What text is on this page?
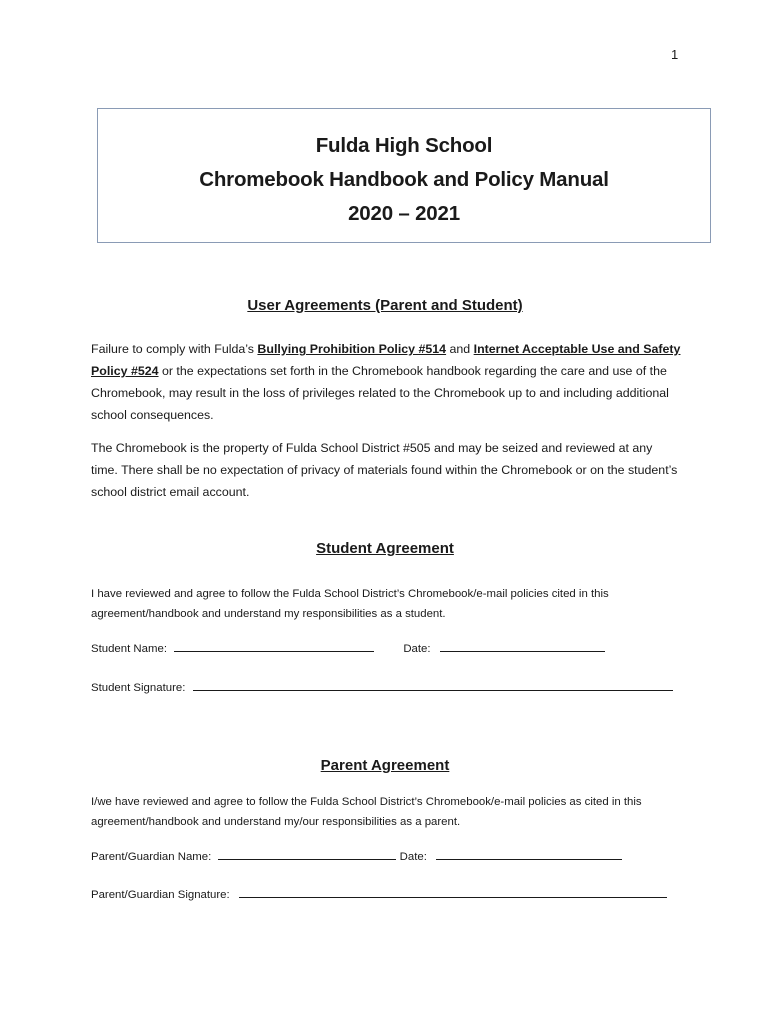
1
Fulda High School
Chromebook Handbook and Policy Manual
2020 – 2021
User Agreements (Parent and Student)

Failure to comply with Fulda’s Bullying Prohibition Policy #514 and Internet Acceptable Use and Safety Policy #524 or the expectations set forth in the Chromebook handbook regarding the care and use of the Chromebook, may result in the loss of privileges related to the Chromebook up to and including additional school consequences.

The Chromebook is the property of Fulda School District #505 and may be seized and reviewed at any time. There shall be no expectation of privacy of materials found within the Chromebook or on the student’s school district email account.

Student Agreement

I have reviewed and agree to follow the Fulda School District’s Chromebook/e-mail policies cited in this agreement/handbook and understand my responsibilities as a student.

Student Name:	Date:
Student Signature:
Parent Agreement

I/we have reviewed and agree to follow the Fulda School District’s Chromebook/e-mail policies as cited in this agreement/handbook and understand my/our responsibilities as a parent.

Parent/Guardian Name:	Date:
Parent/Guardian Signature:
